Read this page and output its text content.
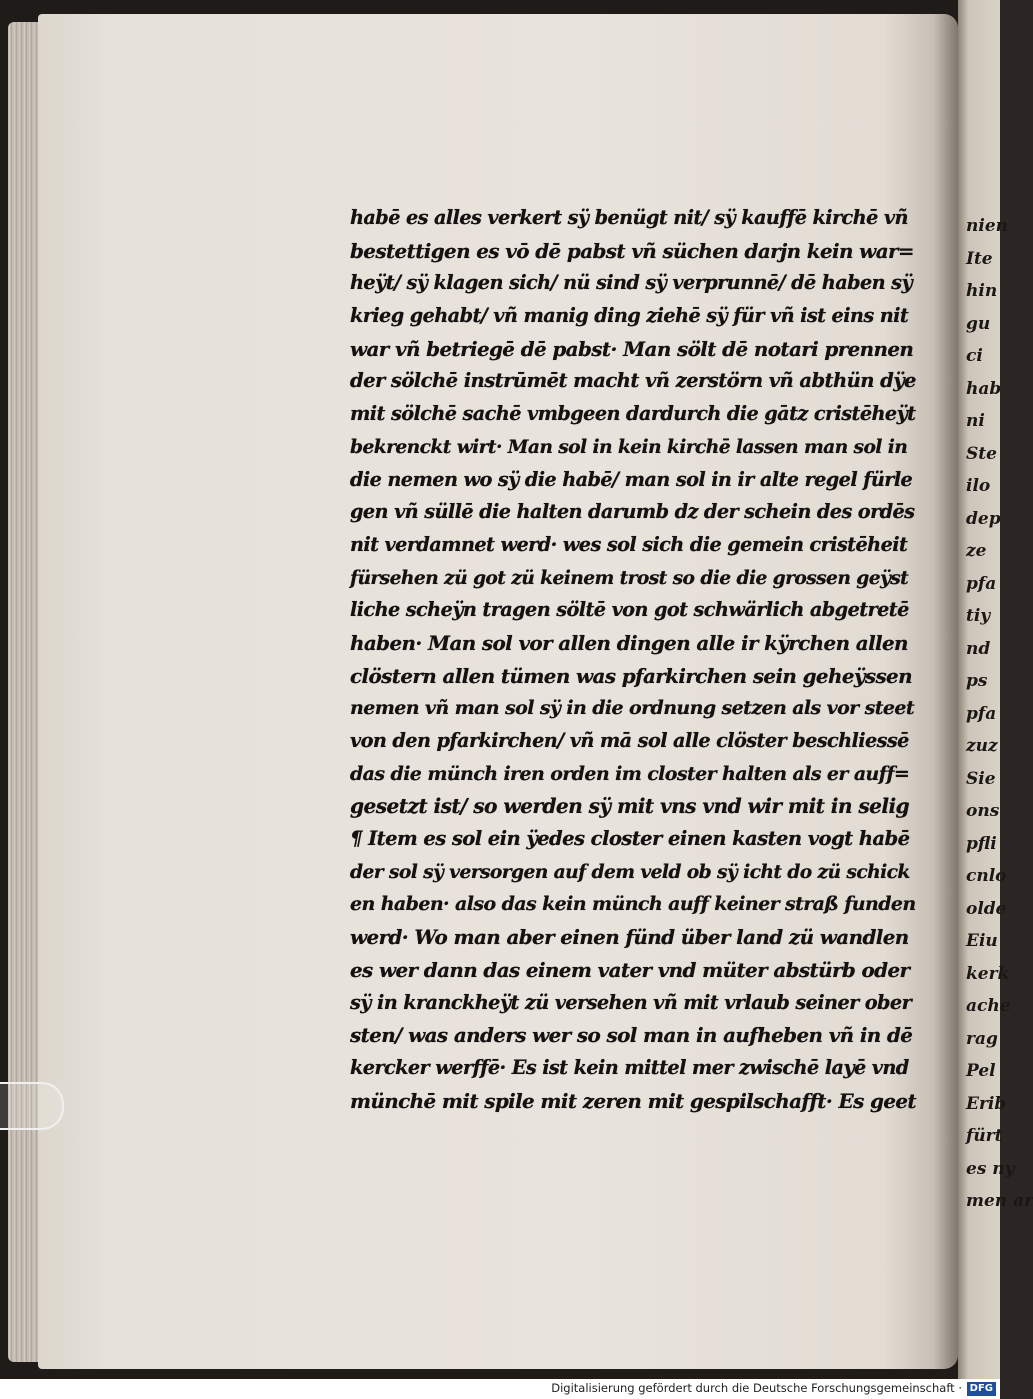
habē es alles verkert sÿ benügt nit/ sÿ kauffē kirchē vñ
bestettigen es vō dē pabst vñ süchen darjn kein war=
heÿt/ sÿ klagen sich/ nü sind sÿ verprunnē/ dē haben sÿ
krieg gehabt/ vñ manig ding ziehē sÿ für vñ ist eins nit
war vñ betriegē dē pabst· Man sölt dē notari prennen
der sölchē instrūmēt macht vñ zerstörn vñ abthün dÿe
mit sölchē sachē vmbgeen dardurch die gātz cristēheÿt
bekrenckt wirt· Man sol in kein kirchē lassen man sol in
die nemen wo sÿ die habē/ man sol in ir alte regel fürle
gen vñ süllē die halten darumb dz der schein des ordēs
nit verdamnet werd· wes sol sich die gemein cristēheit
fürsehen zü got zü keinem trost so die die grossen geÿst
liche scheÿn tragen söltē von got schwärlich abgetretē
haben· Man sol vor allen dingen alle ir kÿrchen allen
clöstern allen tümen was pfarkirchen sein geheÿssen
nemen vñ man sol sÿ in die ordnung setzen als vor steet
von den pfarkirchen/ vñ mā sol alle clöster beschliessē
das die münch iren orden im closter halten als er auff=
gesetzt ist/ so werden sÿ mit vns vnd wir mit in selig
¶ Item es sol ein ÿedes closter einen kasten vogt habē
der sol sÿ versorgen auf dem veld ob sÿ icht do zü schick
en haben· also das kein münch auff keiner straß funden
werd· Wo man aber einen fünd über land zü wandlen
es wer dann das einem vater vnd müter abstürb oder
sÿ in kranckheÿt zü versehen vñ mit vrlaub seiner ober
sten/ was anders wer so sol man in aufheben vñ in dē
kercker werffē· Es ist kein mittel mer zwischē layē vnd
münchē mit spile mit zeren mit gespilschafft· Es geet
nien
Ite
hin
gu
ci
hab
ni
Ste
ilo
dep
ze
pfa
tiy
nd
ps
pfa
zuz
Sie
ons
pfli
cnlo
olde
Eiu
kerk
ache
rag
Pel
Erib
fürt
es ny
men ar
Digitalisierung gefördert durch die Deutsche Forschungsgemeinschaft · DFG
